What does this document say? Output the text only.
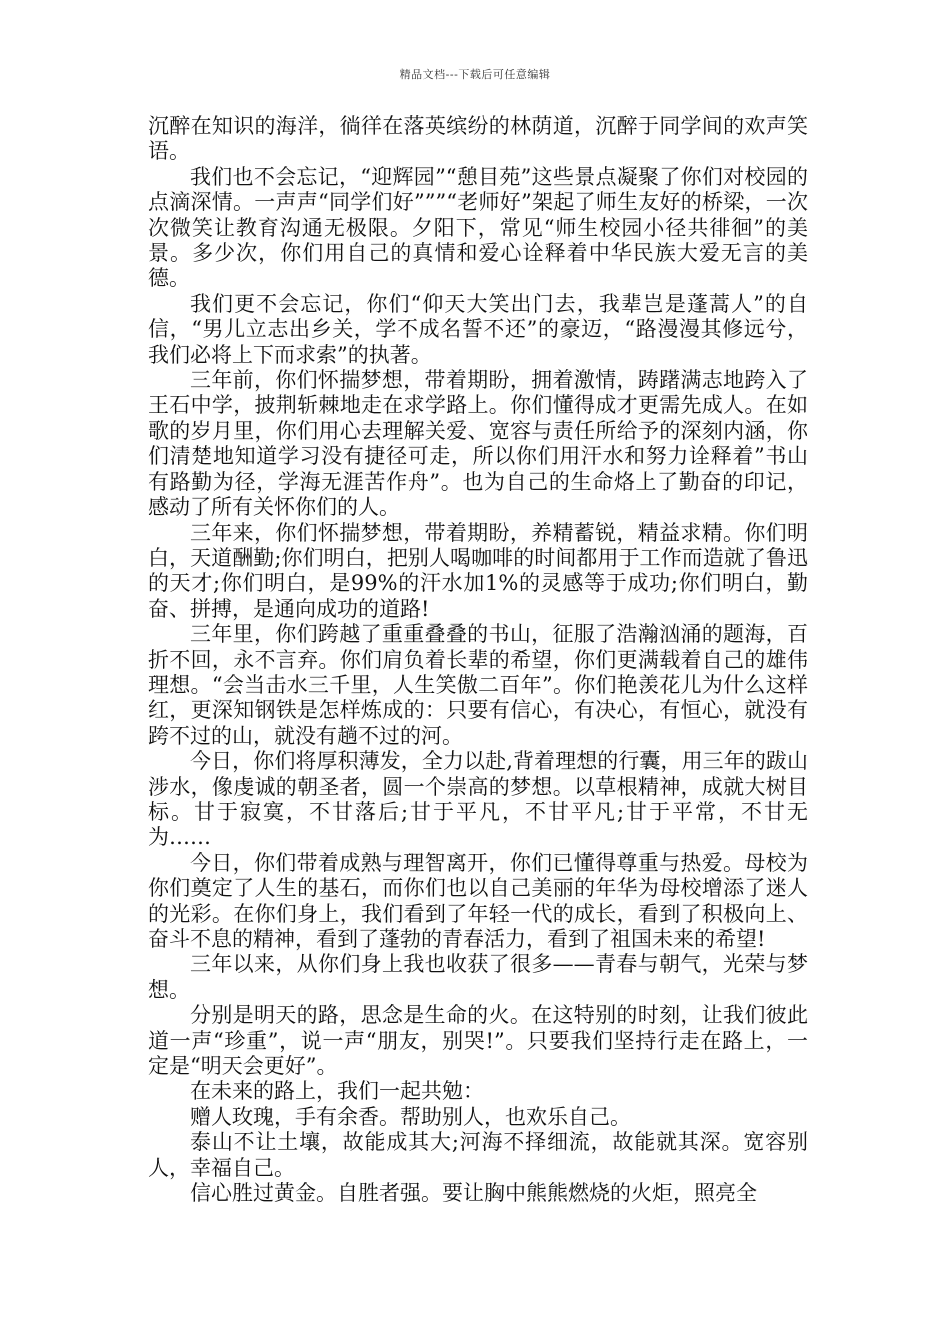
精品文档---下载后可任意编辑

沉醉在知识的海洋，徜徉在落英缤纷的林荫道，沉醉于同学间的欢声笑语。

我们也不会忘记，“迎辉园”“憩目苑”这些景点凝聚了你们对校园的点滴深情。一声声“同学们好”””“老师好”架起了师生友好的桥梁，一次次微笑让教育沟通无极限。夕阳下，常见“师生校园小径共徘徊”的美景。多少次，你们用自己的真情和爱心诠释着中华民族大爱无言的美德。

我们更不会忘记，你们“仰天大笑出门去，我辈岂是蓬蒿人”的自信，“男儿立志出乡关，学不成名誓不还”的豪迈，“路漫漫其修远兮，我们必将上下而求索”的执著。

三年前，你们怀揣梦想，带着期盼，拥着激情，踌躇满志地跨入了王石中学，披荆斩棘地走在求学路上。你们懂得成才更需先成人。在如歌的岁月里，你们用心去理解关爱、宽容与责任所给予的深刻内涵，你们清楚地知道学习没有捷径可走，所以你们用汗水和努力诠释着”书山有路勤为径，学海无涯苦作舟”。也为自己的生命烙上了勤奋的印记，感动了所有关怀你们的人。

三年来，你们怀揣梦想，带着期盼，养精蓄锐，精益求精。你们明白，天道酬勤;你们明白，把别人喝咖啡的时间都用于工作而造就了鲁迅的天才;你们明白，是99%的汗水加1%的灵感等于成功;你们明白，勤奋、拼搏，是通向成功的道路!

三年里，你们跨越了重重叠叠的书山，征服了浩瀚汹涌的题海，百折不回，永不言弃。你们肩负着长辈的希望，你们更满载着自己的雄伟理想。“会当击水三千里，人生笑傲二百年”。你们艳羡花儿为什么这样红，更深知钢铁是怎样炼成的：只要有信心，有决心，有恒心，就没有跨不过的山，就没有趟不过的河。

今日，你们将厚积薄发，全力以赴,背着理想的行囊，用三年的跋山涉水，像虔诚的朝圣者，圆一个崇高的梦想。以草根精神，成就大树目标。甘于寂寞，不甘落后;甘于平凡，不甘平凡;甘于平常，不甘无为……

今日，你们带着成熟与理智离开，你们已懂得尊重与热爱。母校为你们奠定了人生的基石，而你们也以自己美丽的年华为母校增添了迷人的光彩。在你们身上，我们看到了年轻一代的成长，看到了积极向上、奋斗不息的精神，看到了蓬勃的青春活力，看到了祖国未来的希望!

三年以来，从你们身上我也收获了很多——青春与朝气，光荣与梦想。

分别是明天的路，思念是生命的火。在这特别的时刻，让我们彼此道一声“珍重”，说一声“朋友，别哭!”。只要我们坚持行走在路上，一定是“明天会更好”。

在未来的路上，我们一起共勉：

赠人玫瑰，手有余香。帮助别人，也欢乐自己。

泰山不让土壤，故能成其大;河海不择细流，故能就其深。宽容别人，幸福自己。

信心胜过黄金。自胜者强。要让胸中熊熊燃烧的火炬，照亮全
